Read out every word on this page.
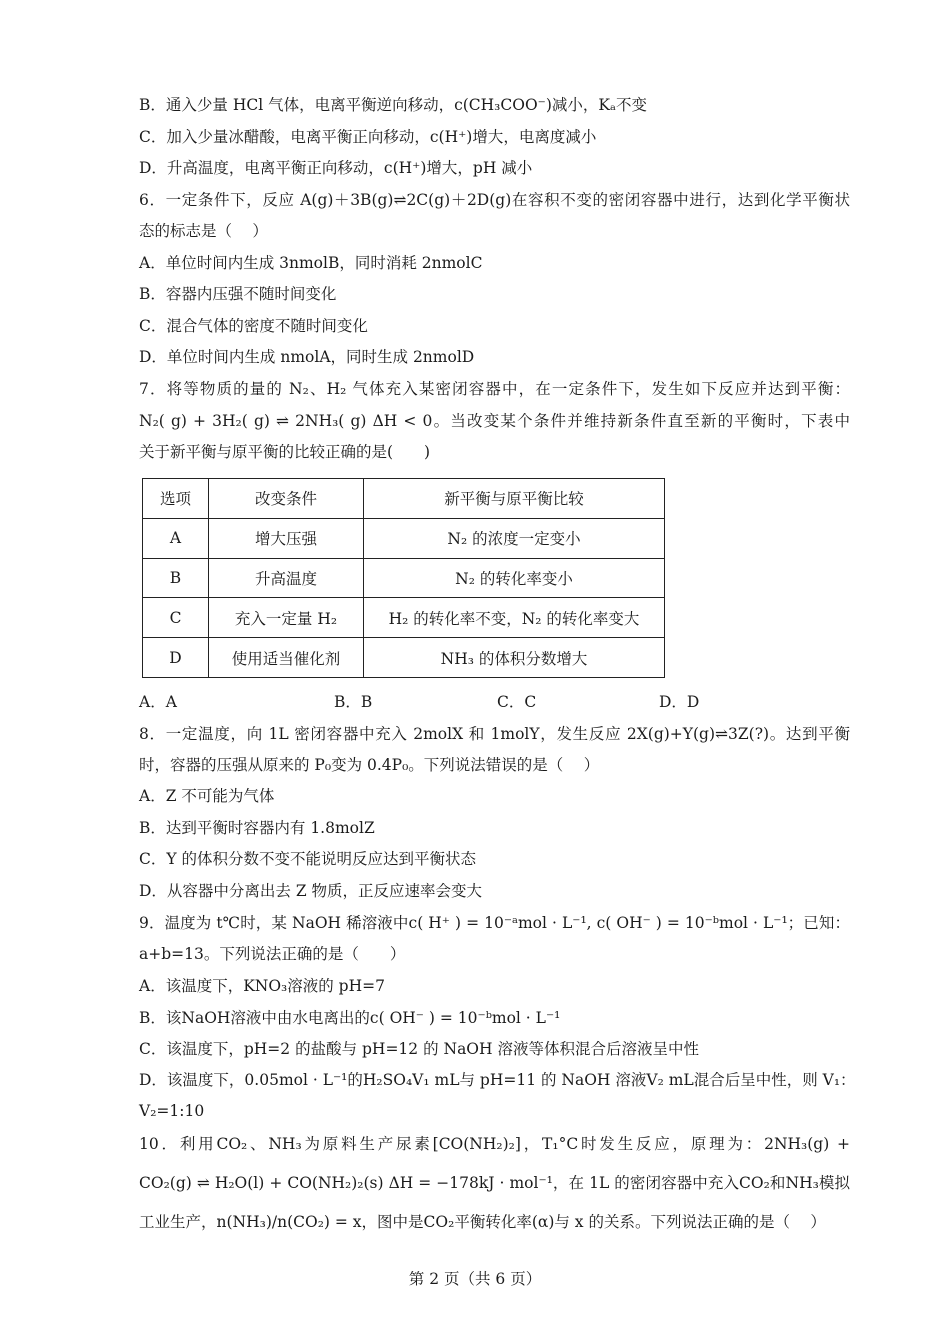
B．通入少量 HCl 气体，电离平衡逆向移动，c(CH₃COO⁻)减小，Kₐ不变
C．加入少量冰醋酸，电离平衡正向移动，c(H⁺)增大，电离度减小
D．升高温度，电离平衡正向移动，c(H⁺)增大，pH 减小
6．一定条件下，反应 A(g)＋3B(g)⇌2C(g)＋2D(g)在容积不变的密闭容器中进行，达到化学平衡状
态的标志是（　 ）
A．单位时间内生成 3nmolB，同时消耗 2nmolC
B．容器内压强不随时间变化
C．混合气体的密度不随时间变化
D．单位时间内生成 nmolA，同时生成 2nmolD
7．将等物质的量的 N₂、H₂ 气体充入某密闭容器中，在一定条件下，发生如下反应并达到平衡：
N₂( g) + 3H₂( g) ⇌ 2NH₃( g) ΔH < 0。当改变某个条件并维持新条件直至新的平衡时，下表中
关于新平衡与原平衡的比较正确的是(　　)
选项	改变条件	新平衡与原平衡比较
A	增大压强	N₂ 的浓度一定变小
B	升高温度	N₂ 的转化率变小
C	充入一定量 H₂	H₂ 的转化率不变，N₂ 的转化率变大
D	使用适当催化剂	NH₃ 的体积分数增大
A．A	B．B	C．C	D．D
8．一定温度，向 1L 密闭容器中充入 2molX 和 1molY，发生反应 2X(g)+Y(g)⇌3Z(?)。达到平衡
时，容器的压强从原来的 P₀变为 0.4P₀。下列说法错误的是（　 ）
A．Z 不可能为气体
B．达到平衡时容器内有 1.8molZ
C．Y 的体积分数不变不能说明反应达到平衡状态
D．从容器中分离出去 Z 物质，正反应速率会变大
9．温度为 t℃时，某 NaOH 稀溶液中c( H⁺ ) = 10⁻ᵃmol · L⁻¹, c( OH⁻ ) = 10⁻ᵇmol · L⁻¹；已知：
a+b=13。下列说法正确的是（　　）
A．该温度下，KNO₃溶液的 pH=7
B．该NaOH溶液中由水电离出的c( OH⁻ ) = 10⁻ᵇmol · L⁻¹
C．该温度下，pH=2 的盐酸与 pH=12 的 NaOH 溶液等体积混合后溶液呈中性
D．该温度下，0.05mol · L⁻¹的H₂SO₄V₁ mL与 pH=11 的 NaOH 溶液V₂ mL混合后呈中性，则 V₁：
V₂=1:10
10．利用CO₂、NH₃为原料生产尿素[CO(NH₂)₂]，T₁°C时发生反应，原理为：2NH₃(g) +
CO₂(g) ⇌ H₂O(l) + CO(NH₂)₂(s) ΔH = −178kJ · mol⁻¹，在 1L 的密闭容器中充入CO₂和NH₃模拟
工业生产，n(NH₃)/n(CO₂) = x，图中是CO₂平衡转化率(α)与 x 的关系。下列说法正确的是（　 ）
第 2 页（共 6 页）
